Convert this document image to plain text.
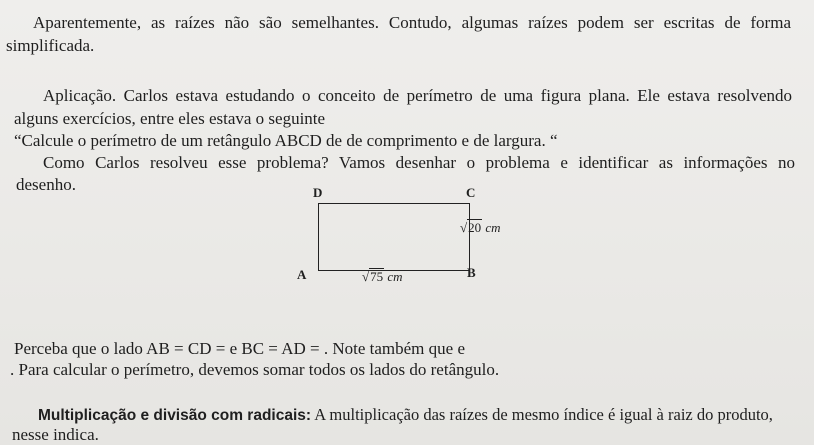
Aparentemente, as raízes não são semelhantes. Contudo, algumas raízes podem ser escritas de forma
simplificada.
Aplicação. Carlos estava estudando o conceito de perímetro de uma figura plana. Ele estava resolvendo
alguns exercícios, entre eles estava o seguinte
“Calcule o perímetro de um retângulo ABCD de de comprimento e de largura. “
Como Carlos resolveu esse problema? Vamos desenhar o problema e identificar as informações no
desenho.	D	C
A	B
√20 cm
√75 cm
Perceba que o lado AB = CD = e BC = AD = . Note também que e
. Para calcular o perímetro, devemos somar todos os lados do retângulo.
Multiplicação e divisão com radicais: A multiplicação das raízes de mesmo índice é igual à raiz do produto,
nesse indica.
